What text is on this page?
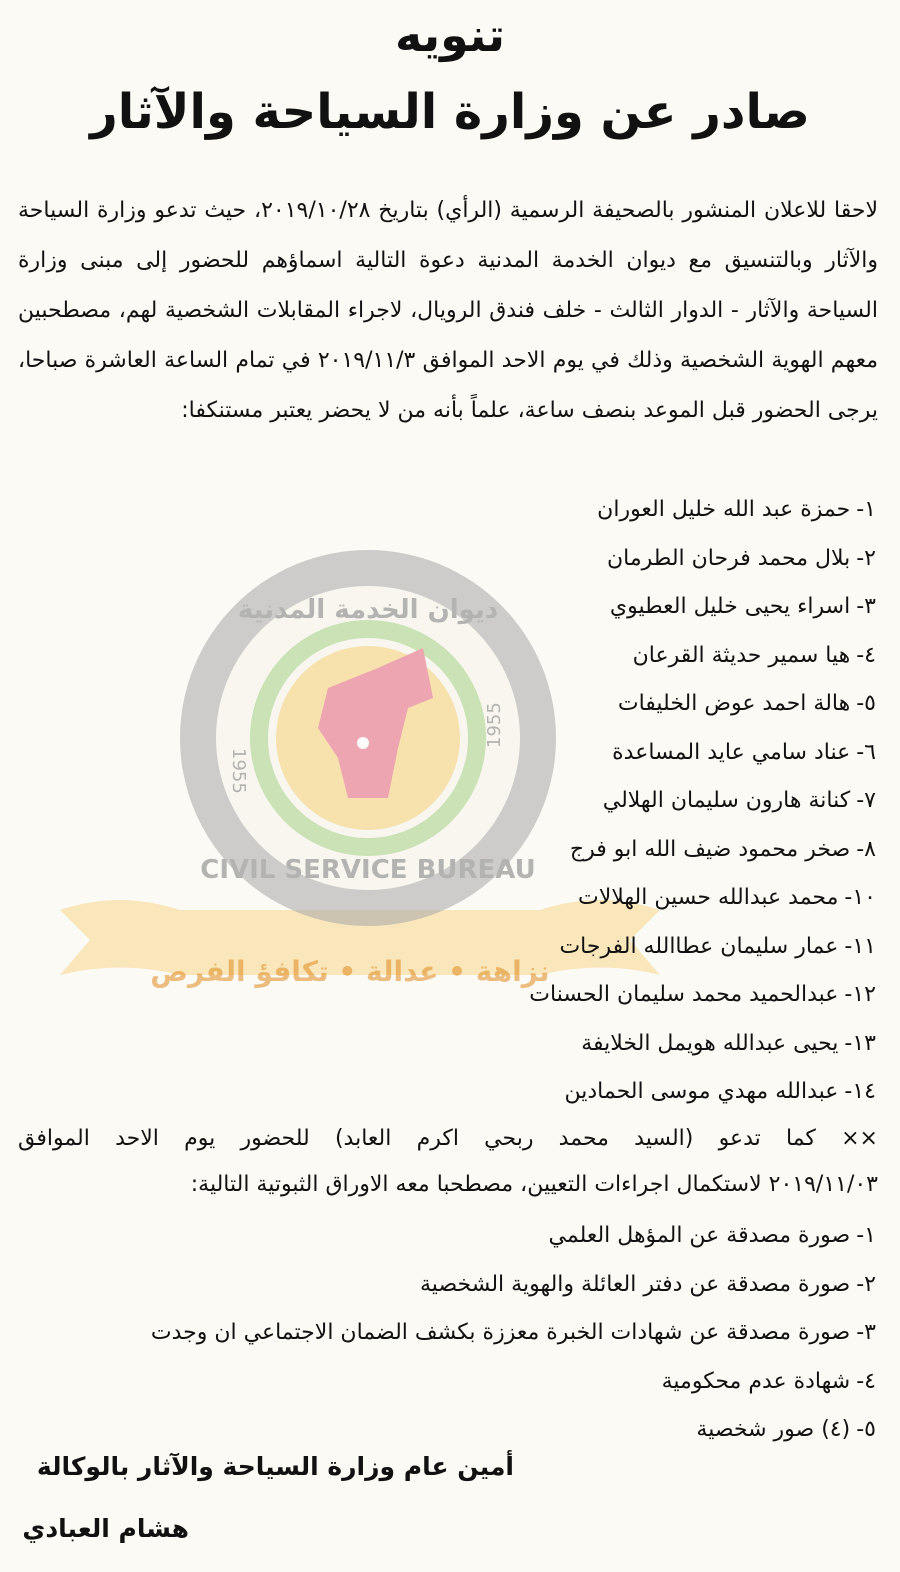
CIVIL SERVICE BUREAU
1955
1955
ديوان الخدمة المدنية
نزاهة • عدالة • تكافؤ الفرص
تنويه
صادر عن وزارة السياحة والآثار
لاحقا للاعلان المنشور بالصحيفة الرسمية (الرأي) بتاريخ ٢٠١٩/١٠/٢٨، حيث تدعو وزارة السياحة والآثار وبالتنسيق مع ديوان الخدمة المدنية دعوة التالية اسماؤهم للحضور إلى مبنى وزارة السياحة والآثار - الدوار الثالث - خلف فندق الرويال، لاجراء المقابلات الشخصية لهم، مصطحبين معهم الهوية الشخصية وذلك في يوم الاحد الموافق ٢٠١٩/١١/٣ في تمام الساعة العاشرة صباحا، يرجى الحضور قبل الموعد بنصف ساعة، علماً بأنه من لا يحضر يعتبر مستنكفا:
١-حمزة عبد الله خليل العوران
٢-بلال محمد فرحان الطرمان
٣-اسراء يحيى خليل العطيوي
٤-هيا سمير حديثة القرعان
٥-هالة احمد عوض الخليفات
٦-عناد سامي عايد المساعدة
٧-كنانة هارون سليمان الهلالي
٨-صخر محمود ضيف الله ابو فرج
١٠-محمد عبدالله حسين الهلالات
١١-عمار سليمان عطاالله الفرجات
١٢-عبدالحميد محمد سليمان الحسنات
١٣-يحيى عبدالله هويمل الخلايفة
١٤-عبدالله مهدي موسى الحمادين
×× كما تدعو (السيد محمد ربحي اكرم العابد) للحضور يوم الاحد الموافق
٢٠١٩/١١/٠٣ لاستكمال اجراءات التعيين، مصطحبا معه الاوراق الثبوتية التالية:
١-صورة مصدقة عن المؤهل العلمي
٢-صورة مصدقة عن دفتر العائلة والهوية الشخصية
٣-صورة مصدقة عن شهادات الخبرة معززة بكشف الضمان الاجتماعي ان وجدت
٤-شهادة عدم محكومية
٥-(٤) صور شخصية
أمين عام وزارة السياحة والآثار بالوكالة
هشام العبادي
